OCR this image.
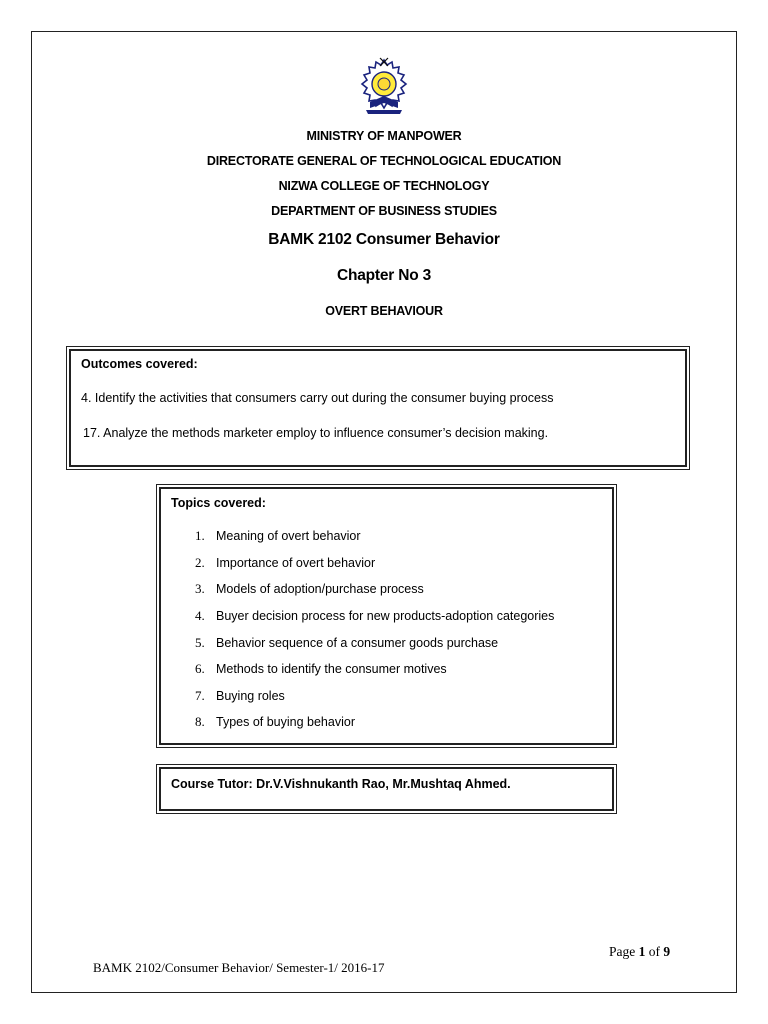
MINISTRY OF MANPOWER
DIRECTORATE GENERAL OF TECHNOLOGICAL EDUCATION
NIZWA COLLEGE OF TECHNOLOGY
DEPARTMENT OF BUSINESS STUDIES
BAMK 2102 Consumer Behavior
Chapter No 3
OVERT BEHAVIOUR
Outcomes covered:
4. Identify the activities that consumers carry out during the consumer buying process
17. Analyze the methods marketer employ to influence consumer’s decision making.
Topics covered:
1. Meaning of overt behavior
2. Importance of overt behavior
3. Models of adoption/purchase process
4. Buyer decision process for new products-adoption categories
5. Behavior sequence of a consumer goods purchase
6. Methods to identify the consumer motives
7. Buying roles
8. Types of buying behavior
Course Tutor: Dr.V.Vishnukanth Rao, Mr.Mushtaq Ahmed.
Page 1 of 9
BAMK 2102/Consumer Behavior/ Semester-1/ 2016-17
